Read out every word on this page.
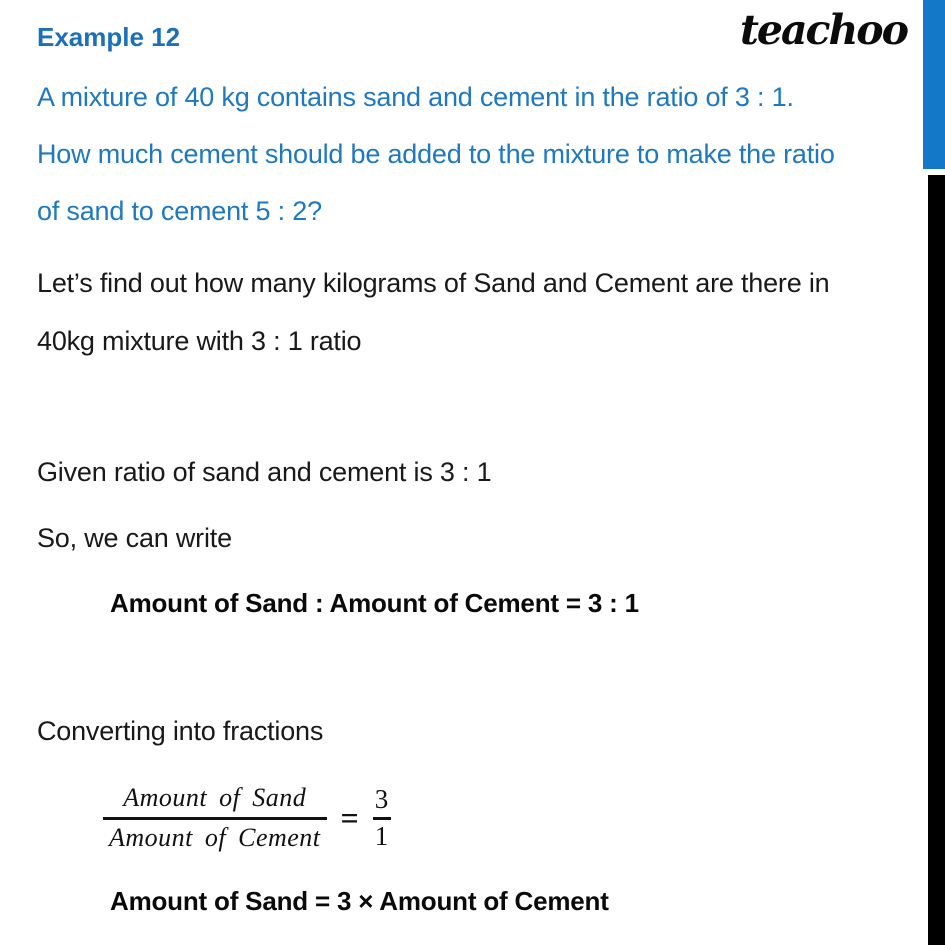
Example 12	teachoo
A mixture of 40 kg contains sand and cement in the ratio of 3 : 1.
How much cement should be added to the mixture to make the ratio
of sand to cement 5 : 2?
Let’s find out how many kilograms of Sand and Cement are there in
40kg mixture with 3 : 1 ratio
Given ratio of sand and cement is 3 : 1
So, we can write
Amount of Sand : Amount of Cement = 3 : 1
Converting into fractions
$\frac{\text{Amount of Sand}}{\text{Amount of Cement}} = \frac{3}{1}$
Amount of Sand = 3 × Amount of Cement
